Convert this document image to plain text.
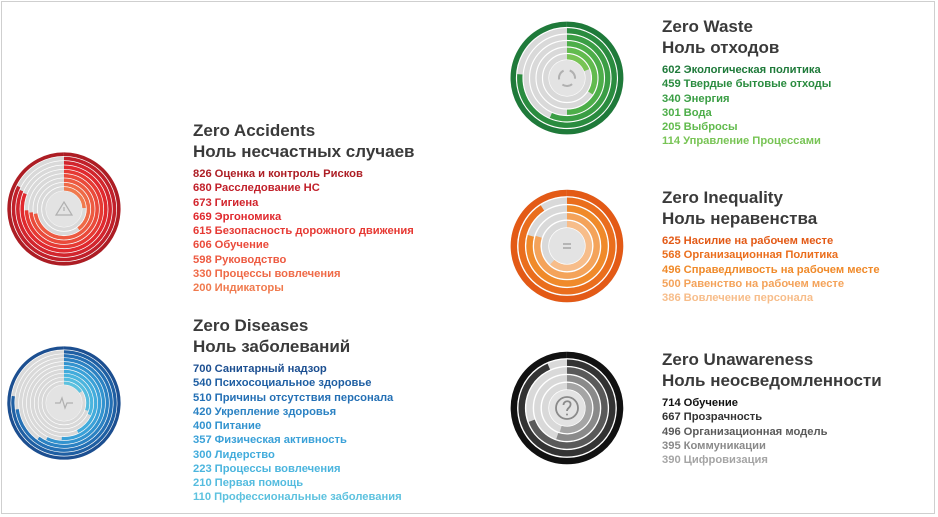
Zero Accidents
Ноль несчастных случаев
826 Оценка и контроль Рисков
680 Расследование НС
673 Гигиена
669 Эргономика
615 Безопасность дорожного движения
606 Обучение
598 Руководство
330 Процессы вовлечения
200 Индикаторы
Zero Diseases
Ноль заболеваний
700 Санитарный надзор
540 Психосоциальное здоровье
510 Причины отсутствия персонала
420 Укрепление здоровья
400 Питание
357 Физическая активность
300 Лидерство
223 Процессы вовлечения
210 Первая помощь
110 Профессиональные заболевания
Zero Waste
Ноль отходов
602 Экологическая политика
459 Твердые бытовые отходы
340 Энергия
301 Вода
205 Выбросы
114 Управление Процессами
Zero Inequality
Ноль неравенства
625 Насилие на рабочем месте
568 Организационная Политика
496 Справедливость на рабочем месте
500 Равенство на рабочем месте
386 Вовлечение персонала
Zero Unawareness
Ноль неосведомленности
714 Обучение
667 Прозрачность
496 Организационная модель
395 Коммуникации
390 Цифровизация
